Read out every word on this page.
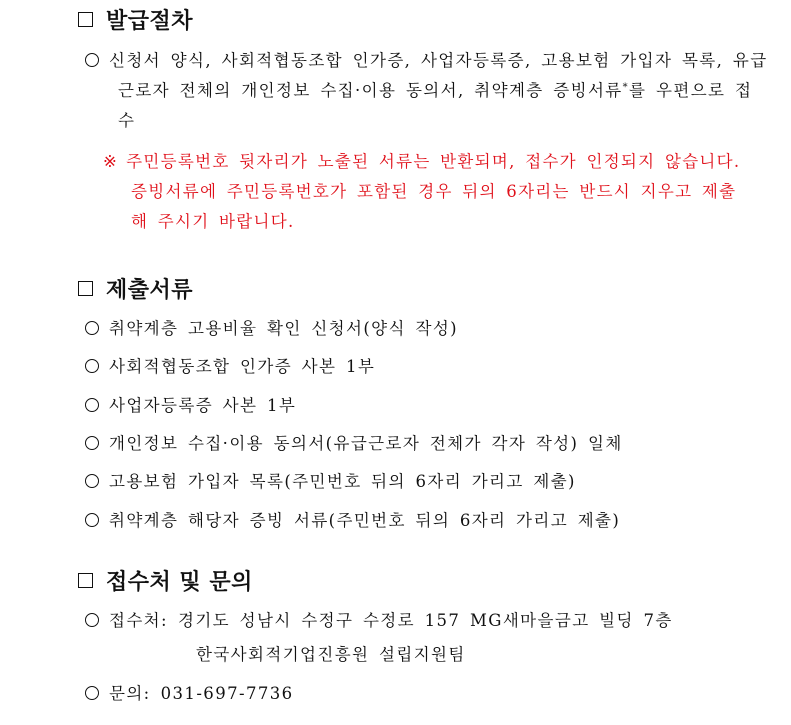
발급절차
신청서 양식, 사회적협동조합 인가증, 사업자등록증, 고용보험 가입자 목록, 유급근로자 전체의 개인정보 수집·이용 동의서, 취약계층 증빙서류*를 우편으로 접수
※ 주민등록번호 뒷자리가 노출된 서류는 반환되며, 접수가 인정되지 않습니다. 증빙서류에 주민등록번호가 포함된 경우 뒤의 6자리는 반드시 지우고 제출해 주시기 바랍니다.
제출서류
취약계층 고용비율 확인 신청서(양식 작성)
사회적협동조합 인가증 사본 1부
사업자등록증 사본 1부
개인정보 수집·이용 동의서(유급근로자 전체가 각자 작성) 일체
고용보험 가입자 목록(주민번호 뒤의 6자리 가리고 제출)
취약계층 해당자 증빙 서류(주민번호 뒤의 6자리 가리고 제출)
접수처 및 문의
접수처: 경기도 성남시 수정구 수정로 157 MG새마을금고 빌딩 7층
한국사회적기업진흥원 설립지원팀
문의: 031-697-7736
